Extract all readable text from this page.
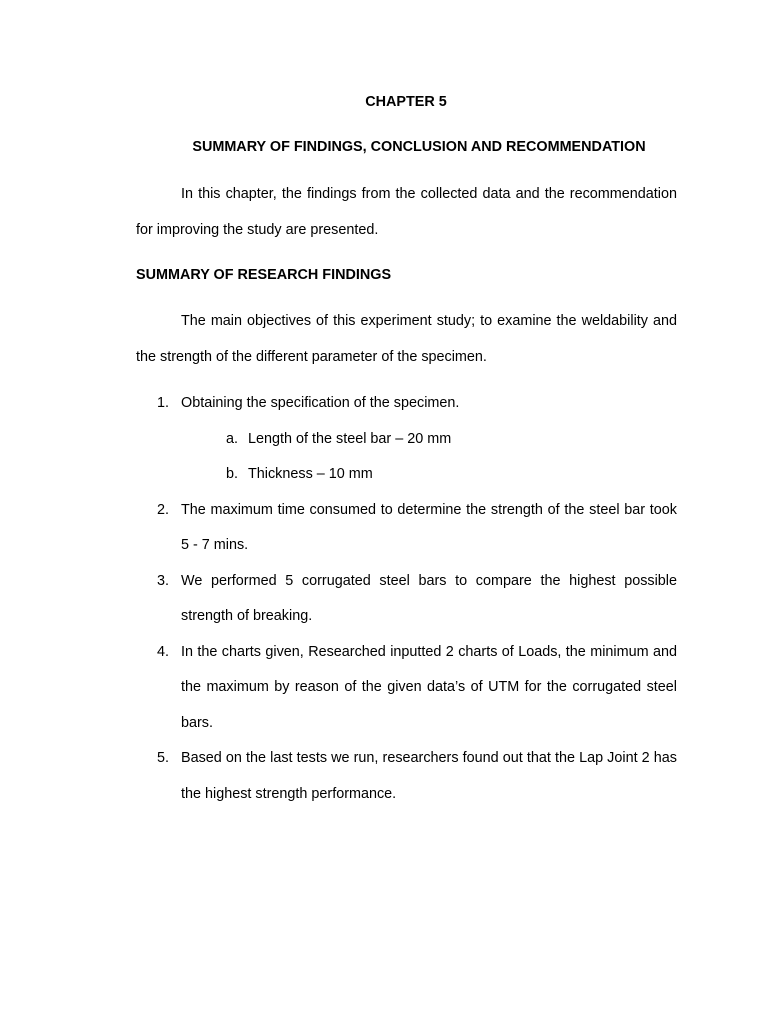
CHAPTER 5
SUMMARY OF FINDINGS, CONCLUSION AND RECOMMENDATION

In this chapter, the findings from the collected data and the recommendation for improving the study are presented.

SUMMARY OF RESEARCH FINDINGS

The main objectives of this experiment study; to examine the weldability and the strength of the different parameter of the specimen.

1. Obtaining the specification of the specimen.
a. Length of the steel bar – 20 mm
b. Thickness – 10 mm
2. The maximum time consumed to determine the strength of the steel bar took 5 - 7 mins.
3. We performed 5 corrugated steel bars to compare the highest possible strength of breaking.
4. In the charts given, Researched inputted 2 charts of Loads, the minimum and the maximum by reason of the given data’s of UTM for the corrugated steel bars.
5. Based on the last tests we run, researchers found out that the Lap Joint 2 has the highest strength performance.
